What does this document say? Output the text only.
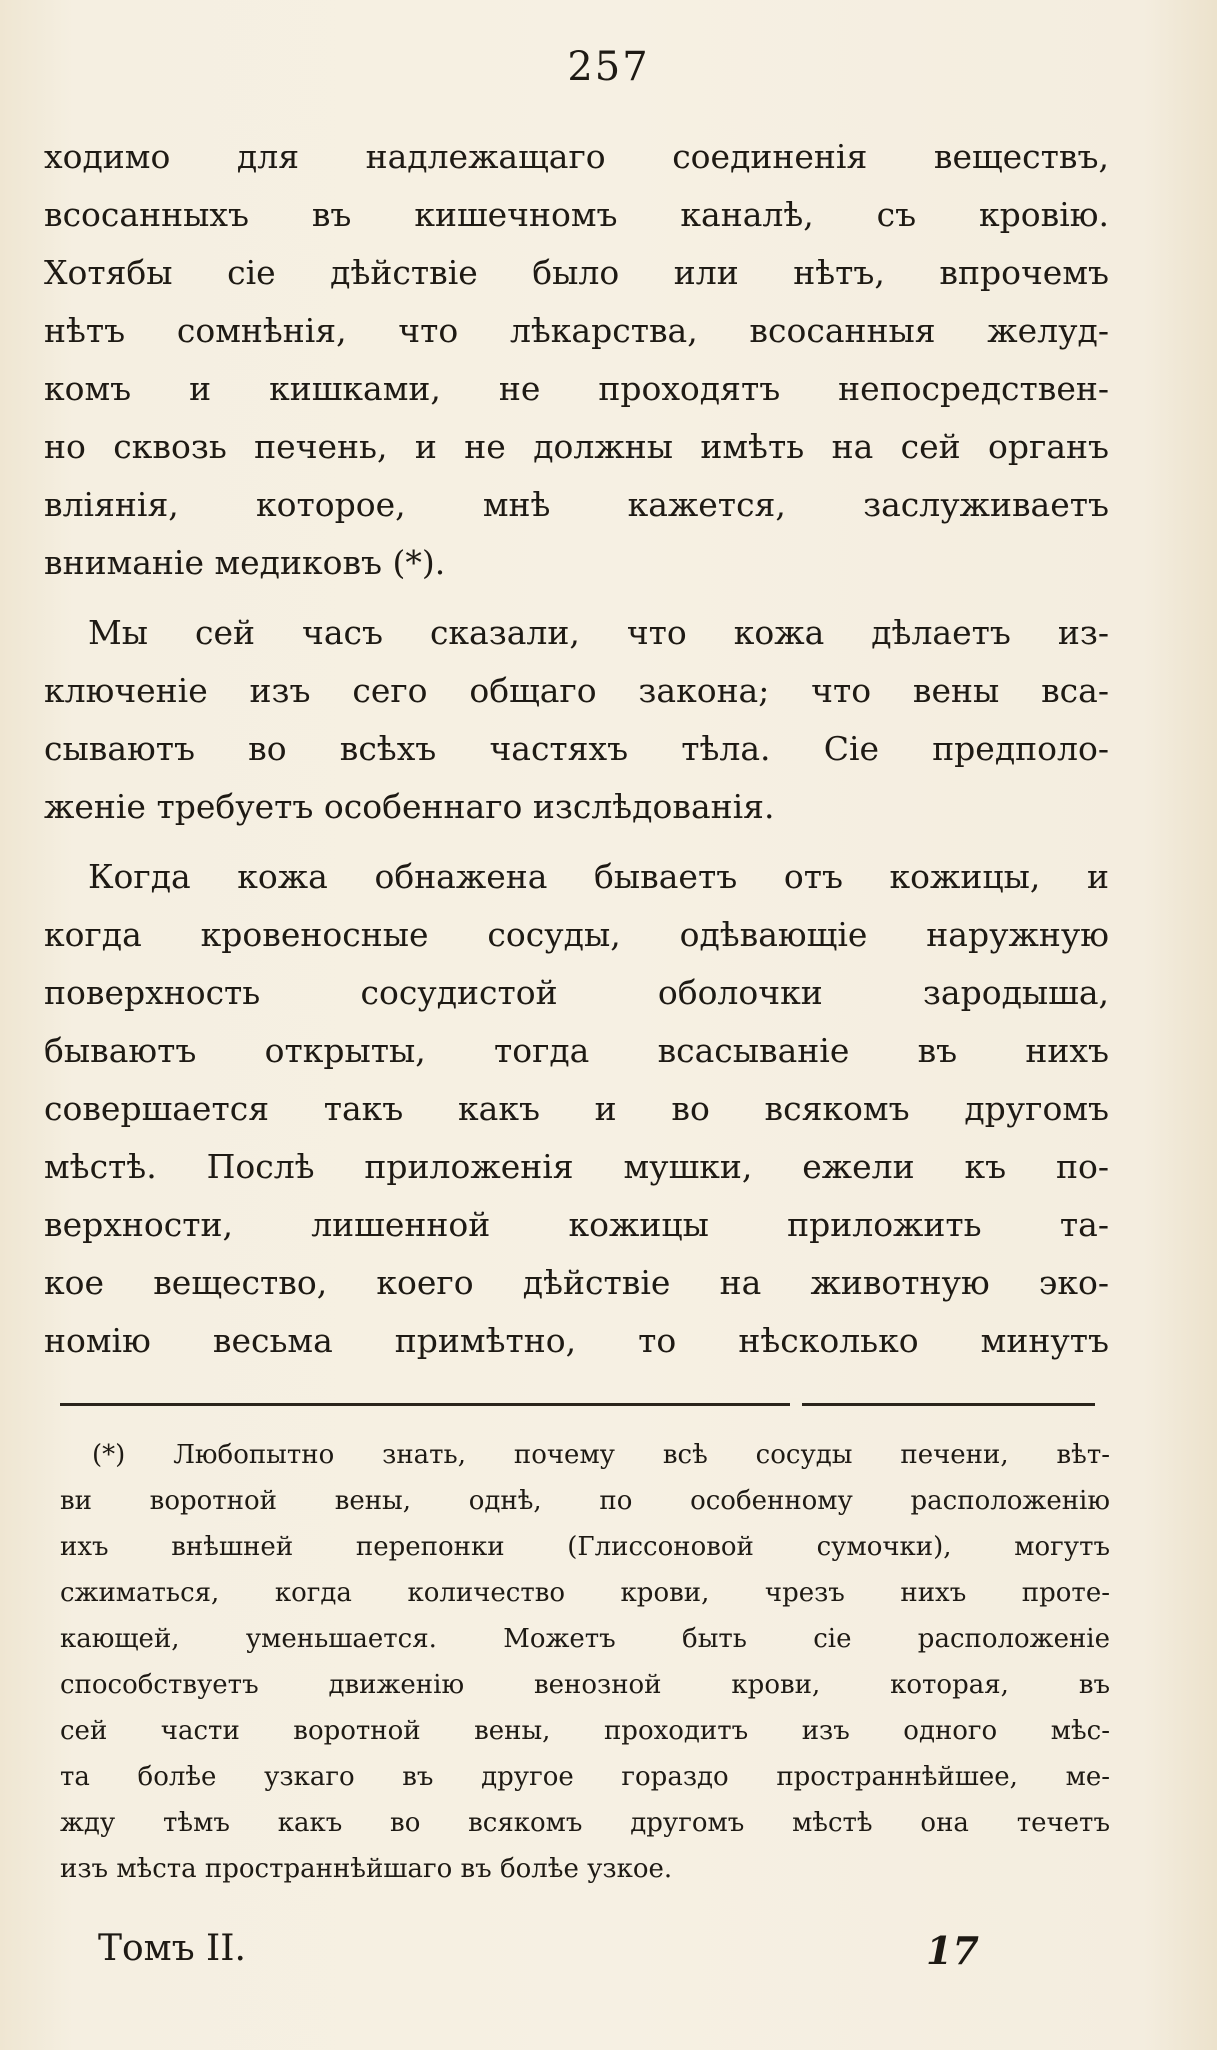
257
ходимо для надлежащаго соединенія веществъ,
всосанныхъ въ кишечномъ каналѣ, съ кровію.
Хотябы сіе дѣйствіе было или нѣтъ, впрочемъ
нѣтъ сомнѣнія, что лѣкарства, всосанныя желуд-
комъ и кишками, не проходятъ непосредствен-
но сквозь печень, и не должны имѣть на сей органъ
вліянія, которое, мнѣ кажется, заслуживаетъ
вниманіе медиковъ (*).
Мы сей часъ сказали, что кожа дѣлаетъ из-
ключеніе изъ сего общаго закона; что вены вса-
сываютъ во всѣхъ частяхъ тѣла. Сіе предполо-
женіе требуетъ особеннаго изслѣдованія.
Когда кожа обнажена бываетъ отъ кожицы, и
когда кровеносные сосуды, одѣвающіе наружную
поверхность сосудистой оболочки зародыша,
бываютъ открыты, тогда всасываніе въ нихъ
совершается такъ какъ и во всякомъ другомъ
мѣстѣ. Послѣ приложенія мушки, ежели къ по-
верхности, лишенной кожицы приложить та-
кое вещество, коего дѣйствіе на животную эко-
номію весьма примѣтно, то нѣсколько минутъ
(*) Любопытно знать, почему всѣ сосуды печени, вѣт-
ви воротной вены, однѣ, по особенному расположенію
ихъ внѣшней перепонки (Глиссоновой сумочки), могутъ
сжиматься, когда количество крови, чрезъ нихъ проте-
кающей, уменьшается. Можетъ быть сіе расположеніе
способствуетъ движенію венозной крови, которая, въ
сей части воротной вены, проходитъ изъ одного мѣс-
та болѣе узкаго въ другое гораздо пространнѣйшее, ме-
жду тѣмъ какъ во всякомъ другомъ мѣстѣ она течетъ
изъ мѣста пространнѣйшаго въ болѣе узкое.
Томъ II.	17
